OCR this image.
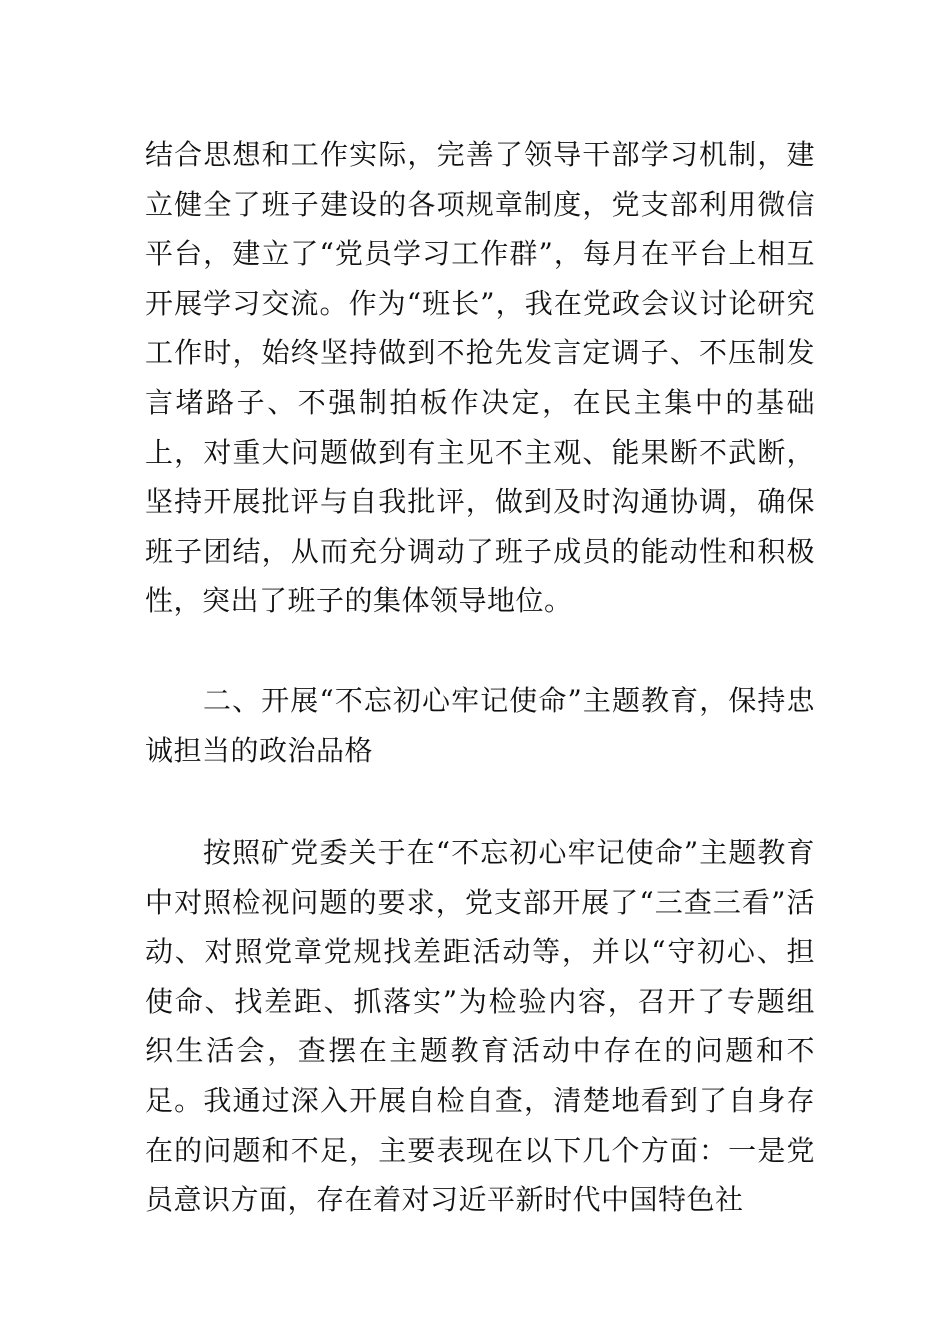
结合思想和工作实际，完善了领导干部学习机制，建立健全了班子建设的各项规章制度，党支部利用微信平台，建立了“党员学习工作群”，每月在平台上相互开展学习交流。作为“班长”，我在党政会议讨论研究工作时，始终坚持做到不抢先发言定调子、不压制发言堵路子、不强制拍板作决定，在民主集中的基础上，对重大问题做到有主见不主观、能果断不武断，坚持开展批评与自我批评，做到及时沟通协调，确保班子团结，从而充分调动了班子成员的能动性和积极性，突出了班子的集体领导地位。

二、开展“不忘初心牢记使命”主题教育，保持忠诚担当的政治品格

按照矿党委关于在“不忘初心牢记使命”主题教育中对照检视问题的要求，党支部开展了“三查三看”活动、对照党章党规找差距活动等，并以“守初心、担使命、找差距、抓落实”为检验内容，召开了专题组织生活会，查摆在主题教育活动中存在的问题和不足。我通过深入开展自检自查，清楚地看到了自身存在的问题和不足，主要表现在以下几个方面：一是党员意识方面，存在着对习近平新时代中国特色社
